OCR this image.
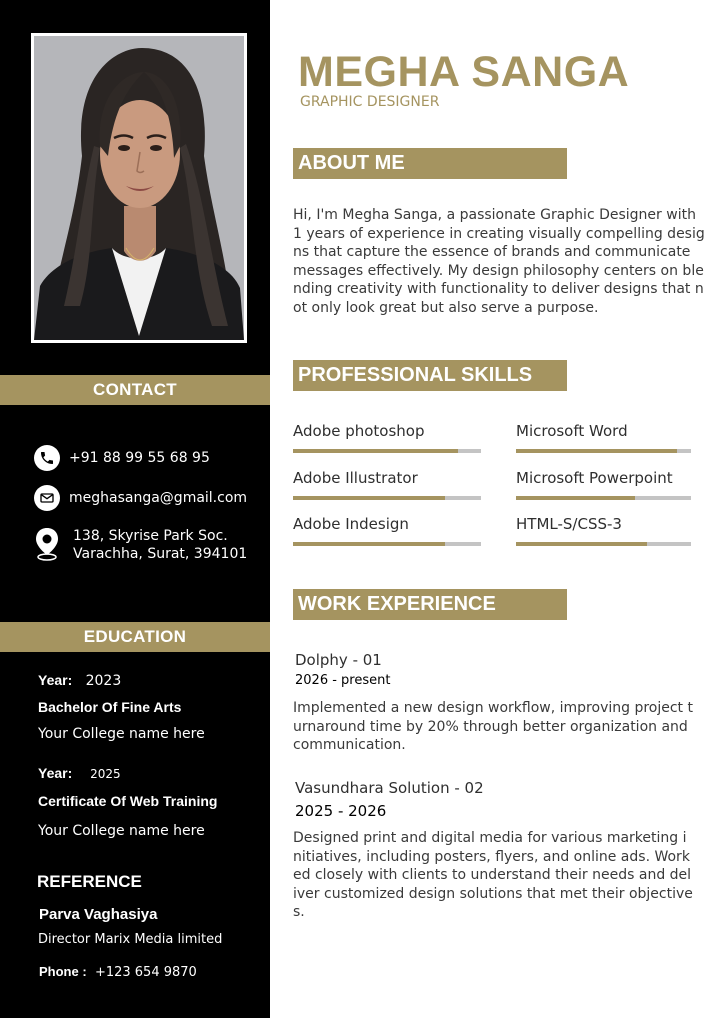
CONTACT
+91 88 99 55 68 95
meghasanga@gmail.com
138, Skyrise Park Soc.
Varachha, Surat, 394101
EDUCATION
Year: 2023
Bachelor Of Fine Arts
Your College name here
Year: 2025
Certificate Of Web Training
Your College name here
REFERENCE
Parva Vaghasiya
Director Marix Media limited
Phone : +123 654 9870
MEGHA SANGA
GRAPHIC DESIGNER
ABOUT ME
Hi, I'm Megha Sanga, a passionate Graphic Designer with 1 years of experience in creating visually compelling designs that capture the essence of brands and communicate messages effectively. My design philosophy centers on blending creativity with functionality to deliver designs that not only look great but also serve a purpose.
PROFESSIONAL SKILLS
Adobe photoshop	Microsoft Word
Adobe Illustrator	Microsoft Powerpoint
Adobe Indesign	HTML-S/CSS-3
WORK EXPERIENCE
Dolphy - 01
2026 - present
Implemented a new design workflow, improving project turnaround time by 20% through better organization and communication.
Vasundhara Solution - 02
2025 - 2026
Designed print and digital media for various marketing initiatives, including posters, flyers, and online ads. Worked closely with clients to understand their needs and deliver customized design solutions that met their objectives.
